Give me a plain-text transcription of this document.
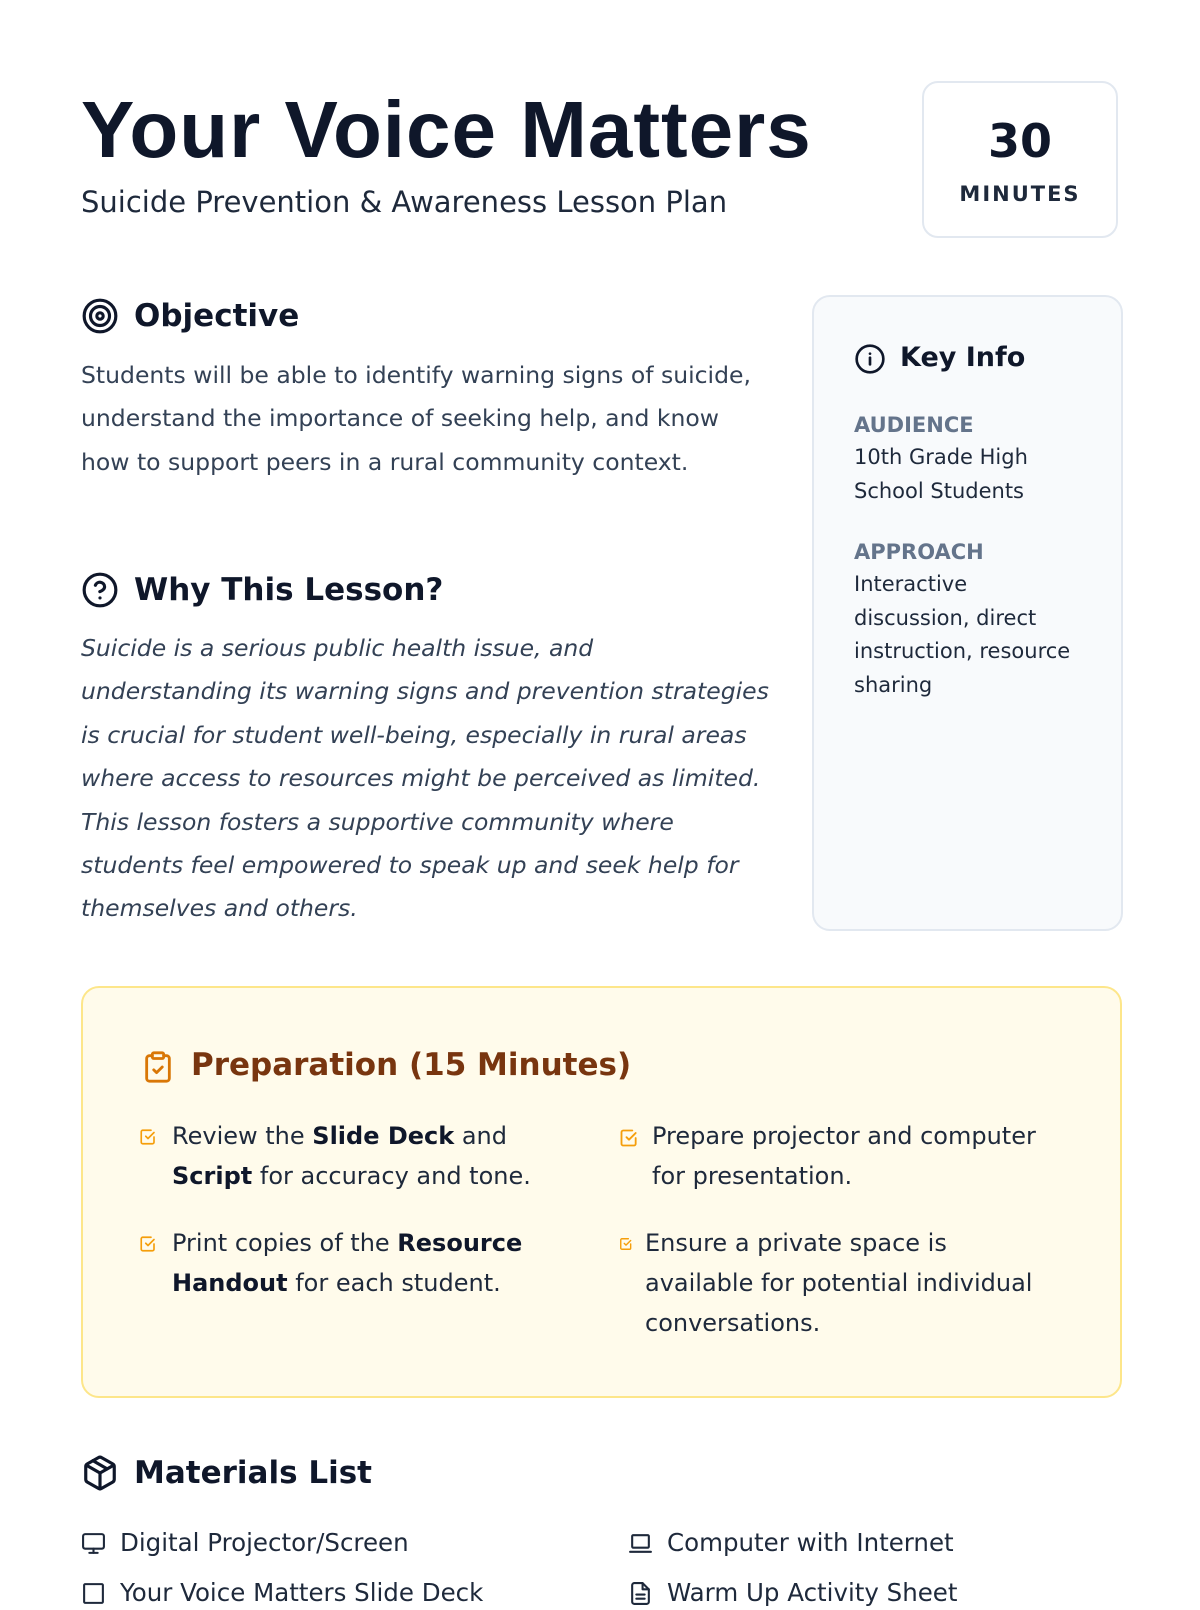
Your Voice Matters

Suicide Prevention & Awareness Lesson Plan

30
MINUTES
Objective

Students will be able to identify warning signs of suicide, understand the importance of seeking help, and know how to support peers in a rural community context.

Why This Lesson?

Suicide is a serious public health issue, and understanding its warning signs and prevention strategies is crucial for student well-being, especially in rural areas where access to resources might be perceived as limited. This lesson fosters a supportive community where students feel empowered to speak up and seek help for themselves and others.

Key Info
AUDIENCE

10th Grade High School Students

APPROACH

Interactive discussion, direct instruction, resource sharing

Preparation (15 Minutes)
Review the Slide Deck and Script for accuracy and tone.
Prepare projector and computer for presentation.
Print copies of the Resource Handout for each student.
Ensure a private space is available for potential individual conversations.
Materials List
Digital Projector/Screen	Computer with Internet
Your Voice Matters Slide Deck	Warm Up Activity Sheet
